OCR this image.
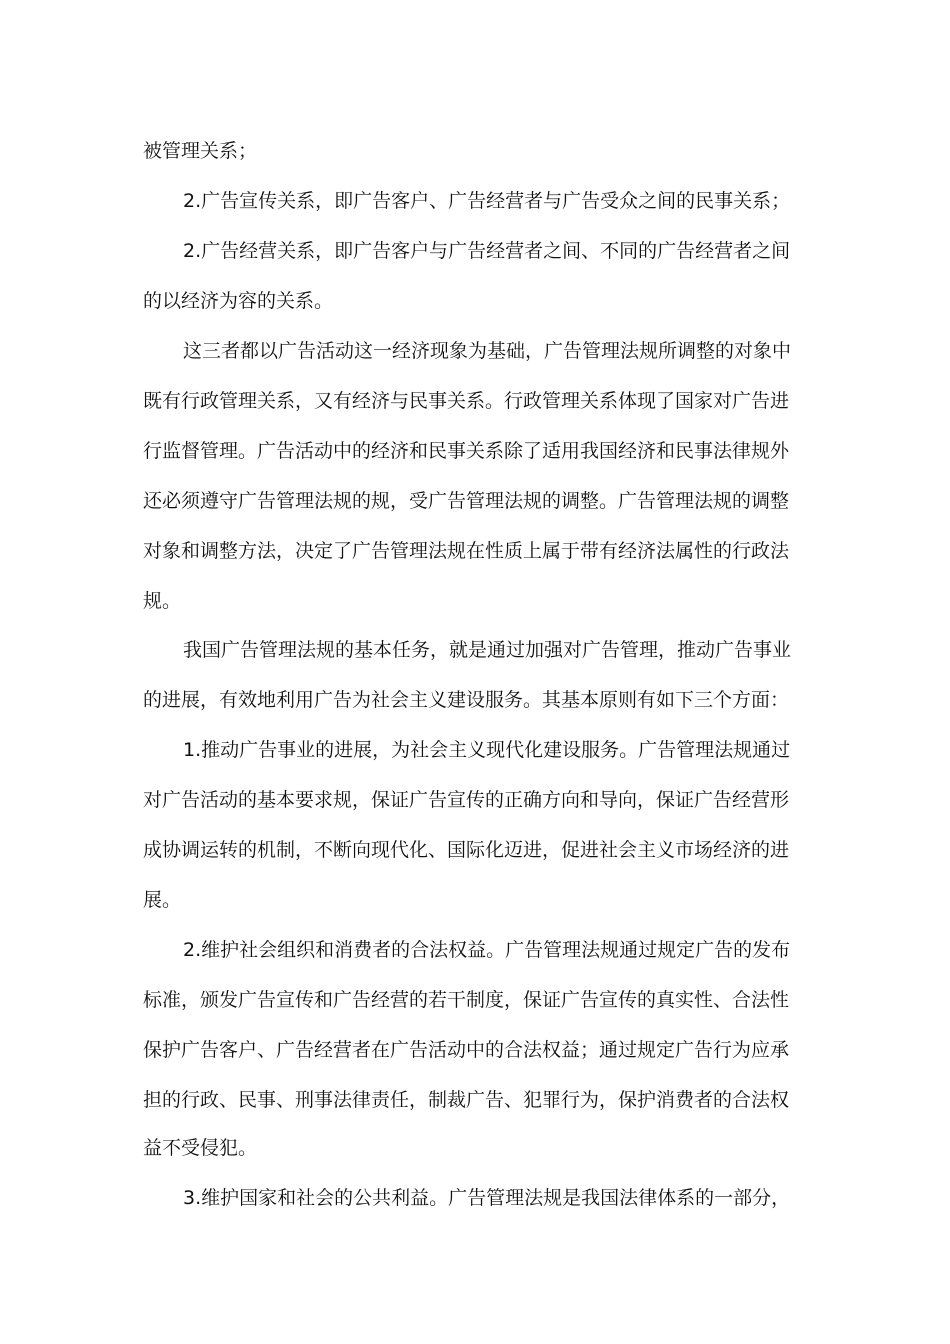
被管理关系；
2.广告宣传关系，即广告客户、广告经营者与广告受众之间的民事关系；
2.广告经营关系，即广告客户与广告经营者之间、不同的广告经营者之间
的以经济为容的关系。
这三者都以广告活动这一经济现象为基础，广告管理法规所调整的对象中
既有行政管理关系，又有经济与民事关系。行政管理关系体现了国家对广告进
行监督管理。广告活动中的经济和民事关系除了适用我国经济和民事法律规外
还必须遵守广告管理法规的规，受广告管理法规的调整。广告管理法规的调整
对象和调整方法，决定了广告管理法规在性质上属于带有经济法属性的行政法
规。
我国广告管理法规的基本任务，就是通过加强对广告管理，推动广告事业
的进展，有效地利用广告为社会主义建设服务。其基本原则有如下三个方面：
1.推动广告事业的进展，为社会主义现代化建设服务。广告管理法规通过
对广告活动的基本要求规，保证广告宣传的正确方向和导向，保证广告经营形
成协调运转的机制，不断向现代化、国际化迈进，促进社会主义市场经济的进
展。
2.维护社会组织和消费者的合法权益。广告管理法规通过规定广告的发布
标准，颁发广告宣传和广告经营的若干制度，保证广告宣传的真实性、合法性
保护广告客户、广告经营者在广告活动中的合法权益；通过规定广告行为应承
担的行政、民事、刑事法律责任，制裁广告、犯罪行为，保护消费者的合法权
益不受侵犯。
3.维护国家和社会的公共利益。广告管理法规是我国法律体系的一部分，
